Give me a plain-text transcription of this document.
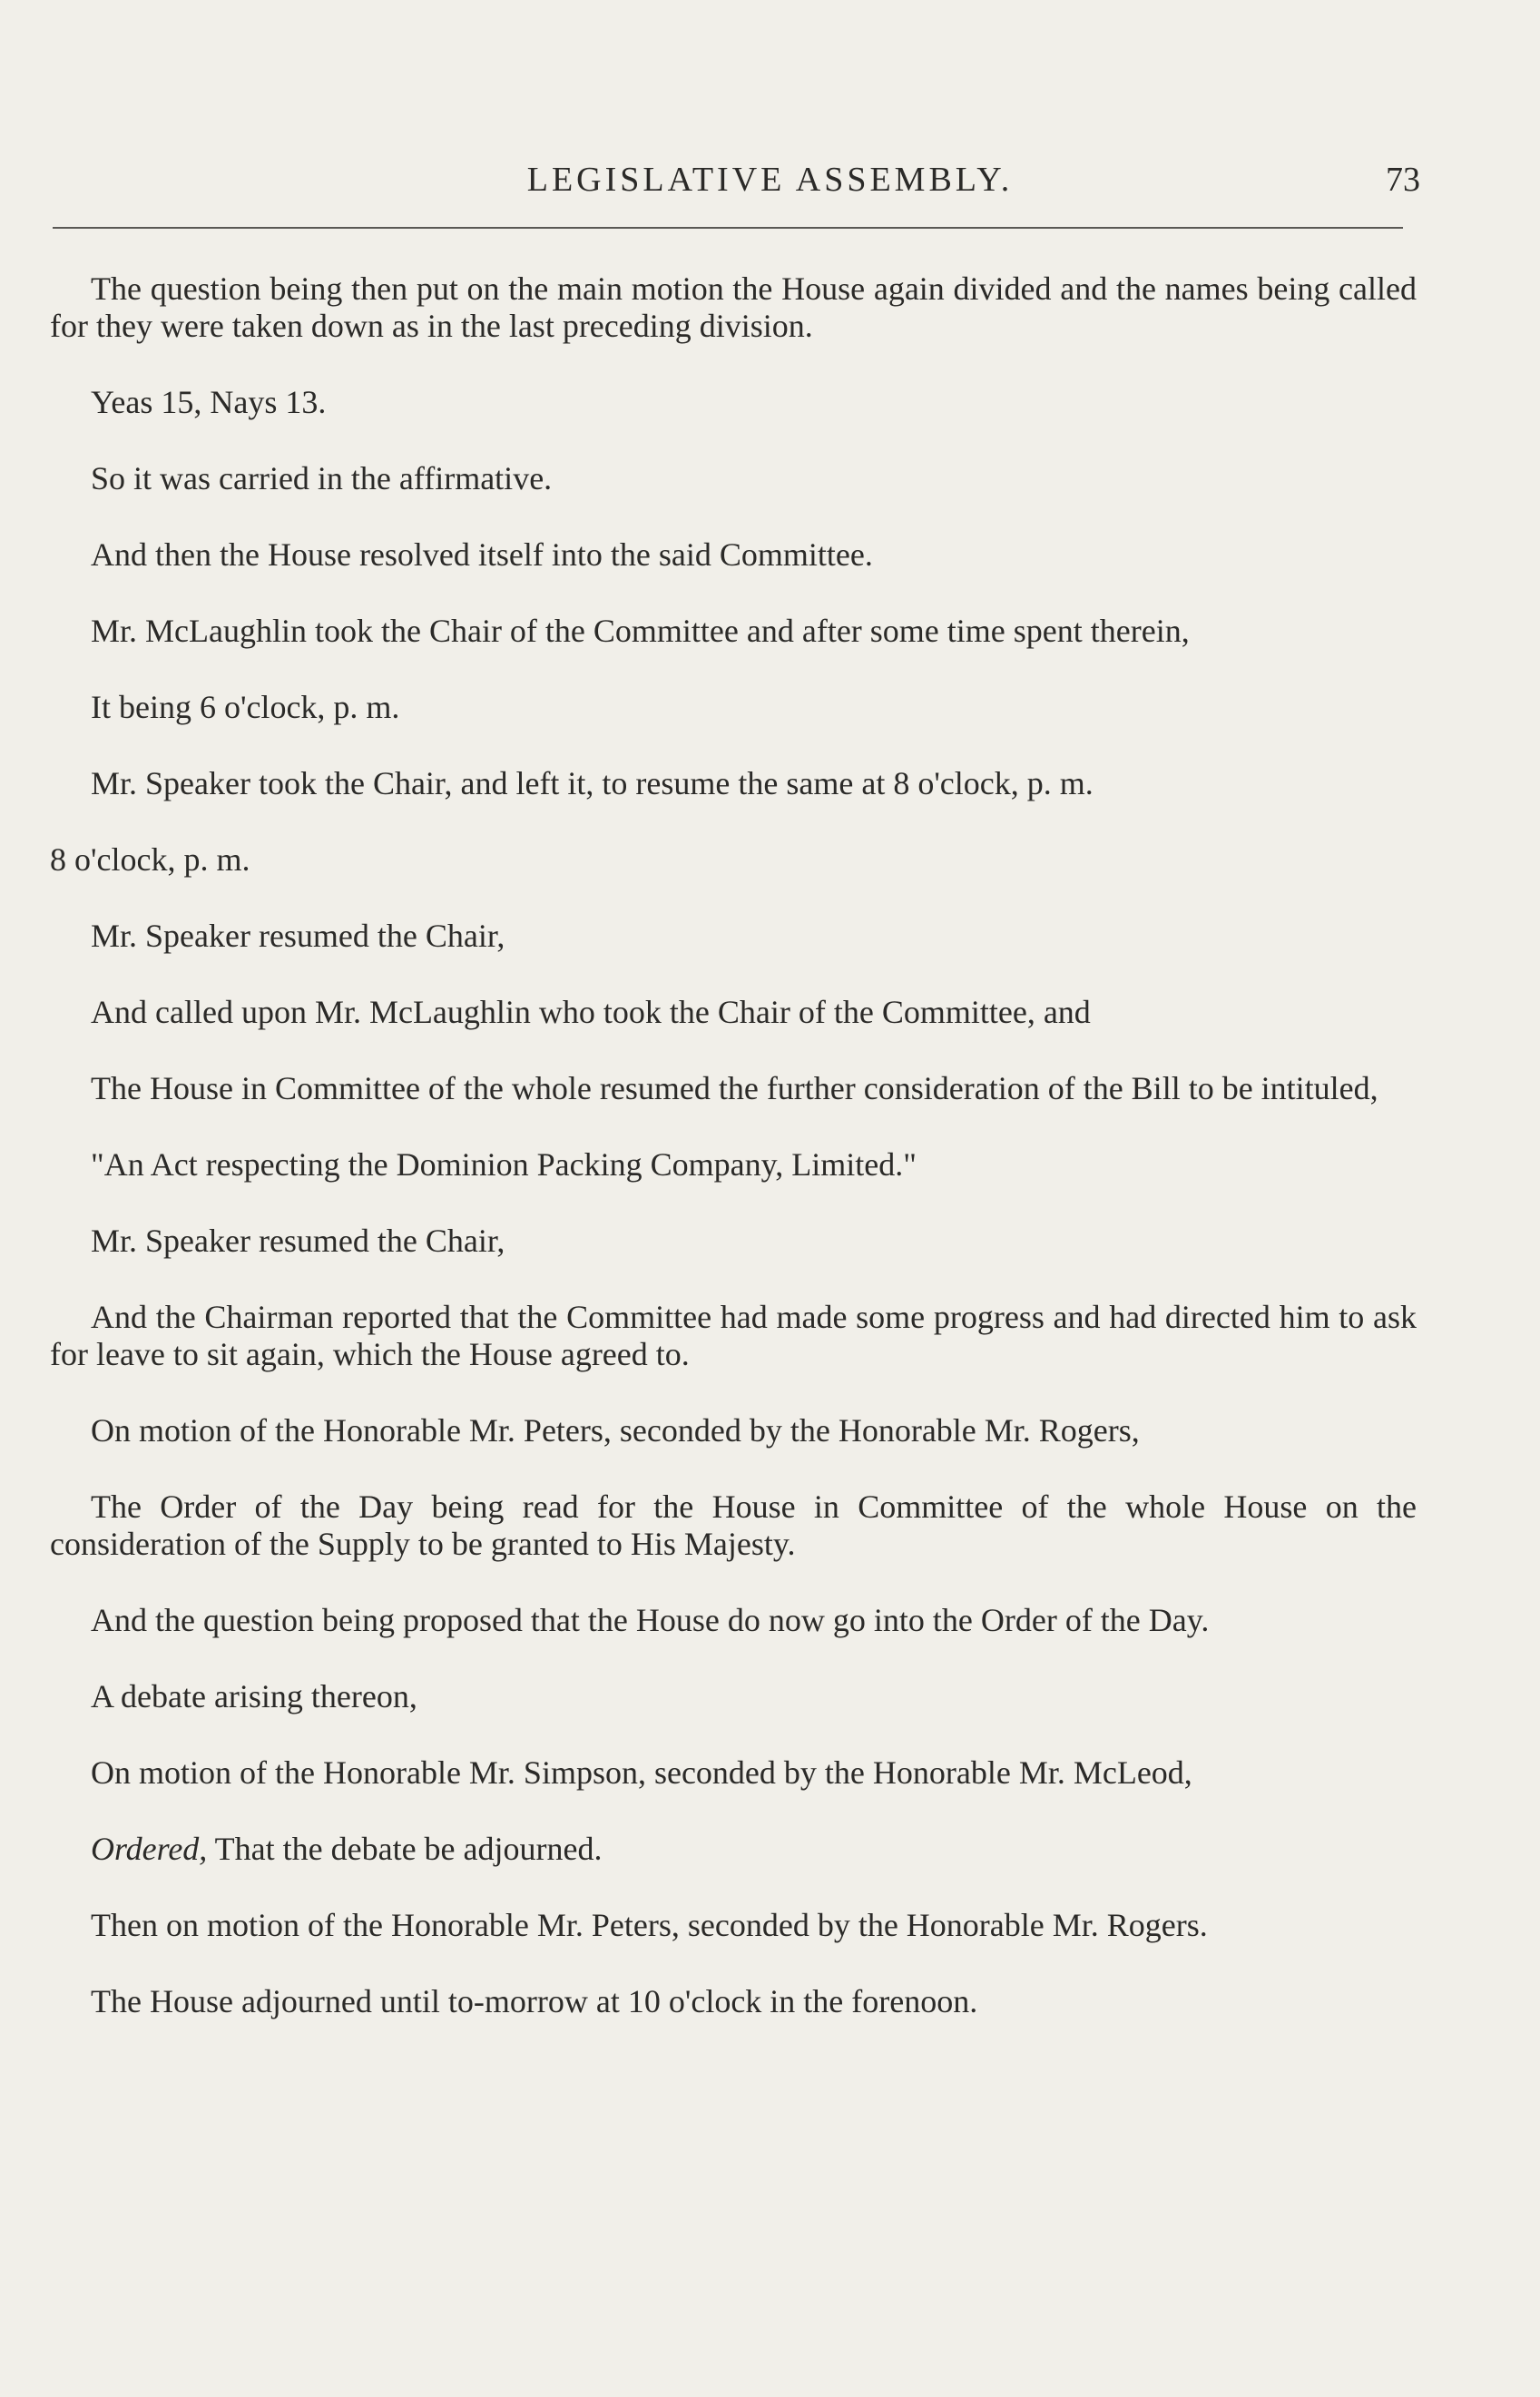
LEGISLATIVE ASSEMBLY.	73

The question being then put on the main motion the House again divided and the names being called for they were taken down as in the last preceding division.

Yeas 15, Nays 13.

So it was carried in the affirmative.

And then the House resolved itself into the said Committee.

Mr. McLaughlin took the Chair of the Committee and after some time spent therein,

It being 6 o'clock, p. m.

Mr. Speaker took the Chair, and left it, to resume the same at 8 o'clock, p. m.

8 o'clock, p. m.

Mr. Speaker resumed the Chair,

And called upon Mr. McLaughlin who took the Chair of the Committee, and

The House in Committee of the whole resumed the further consideration of the Bill to be intituled,

"An Act respecting the Dominion Packing Company, Limited."

Mr. Speaker resumed the Chair,

And the Chairman reported that the Committee had made some progress and had directed him to ask for leave to sit again, which the House agreed to.

On motion of the Honorable Mr. Peters, seconded by the Honorable Mr. Rogers,

The Order of the Day being read for the House in Committee of the whole House on the consideration of the Supply to be granted to His Majesty.

And the question being proposed that the House do now go into the Order of the Day.

A debate arising thereon,

On motion of the Honorable Mr. Simpson, seconded by the Honorable Mr. McLeod,

Ordered, That the debate be adjourned.

Then on motion of the Honorable Mr. Peters, seconded by the Honorable Mr. Rogers.

The House adjourned until to-morrow at 10 o'clock in the forenoon.
